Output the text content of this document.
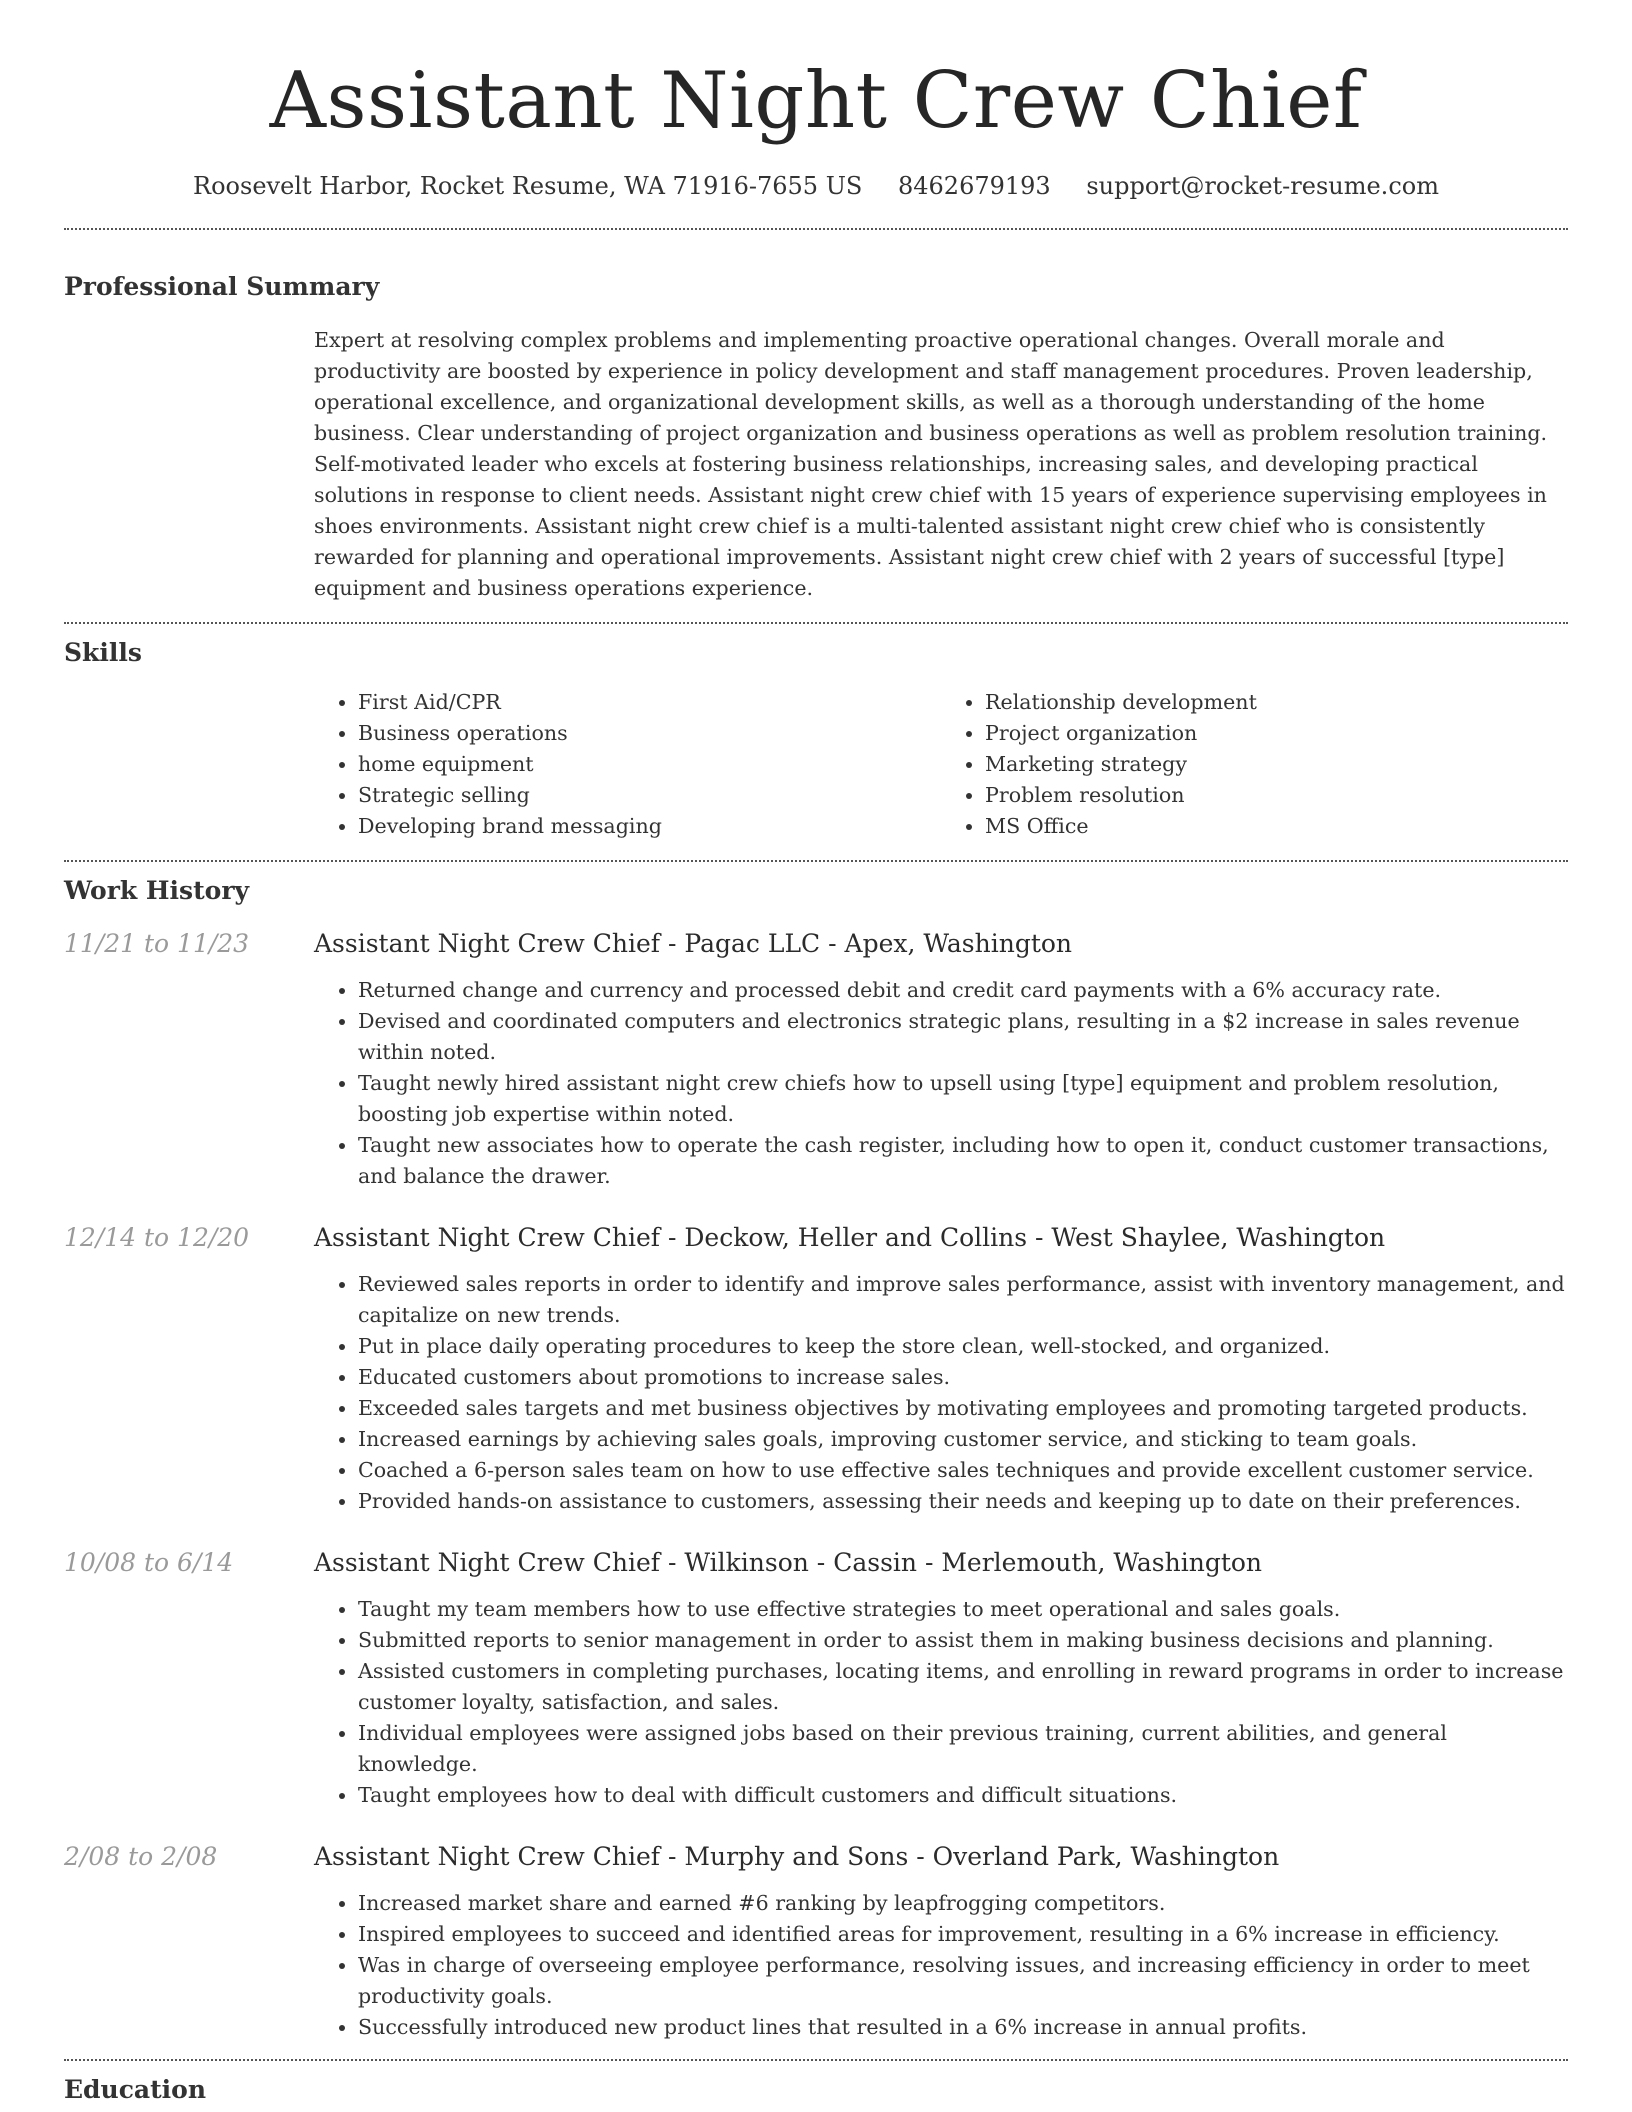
Assistant Night Crew Chief
Roosevelt Harbor, Rocket Resume, WA 71916-7655 US 8462679193 support@rocket-resume.com
Professional Summary
Expert at resolving complex problems and implementing proactive operational changes. Overall morale and productivity are boosted by experience in policy development and staff management procedures. Proven leadership, operational excellence, and organizational development skills, as well as a thorough understanding of the home business. Clear understanding of project organization and business operations as well as problem resolution training. Self-motivated leader who excels at fostering business relationships, increasing sales, and developing practical solutions in response to client needs. Assistant night crew chief with 15 years of experience supervising employees in shoes environments. Assistant night crew chief is a multi-talented assistant night crew chief who is consistently rewarded for planning and operational improvements. Assistant night crew chief with 2 years of successful [type] equipment and business operations experience.
Skills
• First Aid/CPR
• Business operations
• home equipment
• Strategic selling
• Developing brand messaging
• Relationship development
• Project organization
• Marketing strategy
• Problem resolution
• MS Office
Work History
11/21 to 11/23	Assistant Night Crew Chief - Pagac LLC - Apex, Washington
• Returned change and currency and processed debit and credit card payments with a 6% accuracy rate.
• Devised and coordinated computers and electronics strategic plans, resulting in a $2 increase in sales revenue within noted.
• Taught newly hired assistant night crew chiefs how to upsell using [type] equipment and problem resolution, boosting job expertise within noted.
• Taught new associates how to operate the cash register, including how to open it, conduct customer transactions, and balance the drawer.
12/14 to 12/20	Assistant Night Crew Chief - Deckow, Heller and Collins - West Shaylee, Washington
• Reviewed sales reports in order to identify and improve sales performance, assist with inventory management, and capitalize on new trends.
• Put in place daily operating procedures to keep the store clean, well-stocked, and organized.
• Educated customers about promotions to increase sales.
• Exceeded sales targets and met business objectives by motivating employees and promoting targeted products.
• Increased earnings by achieving sales goals, improving customer service, and sticking to team goals.
• Coached a 6-person sales team on how to use effective sales techniques and provide excellent customer service.
• Provided hands-on assistance to customers, assessing their needs and keeping up to date on their preferences.
10/08 to 6/14	Assistant Night Crew Chief - Wilkinson - Cassin - Merlemouth, Washington
• Taught my team members how to use effective strategies to meet operational and sales goals.
• Submitted reports to senior management in order to assist them in making business decisions and planning.
• Assisted customers in completing purchases, locating items, and enrolling in reward programs in order to increase customer loyalty, satisfaction, and sales.
• Individual employees were assigned jobs based on their previous training, current abilities, and general knowledge.
• Taught employees how to deal with difficult customers and difficult situations.
2/08 to 2/08	Assistant Night Crew Chief - Murphy and Sons - Overland Park, Washington
• Increased market share and earned #6 ranking by leapfrogging competitors.
• Inspired employees to succeed and identified areas for improvement, resulting in a 6% increase in efficiency.
• Was in charge of overseeing employee performance, resolving issues, and increasing efficiency in order to meet productivity goals.
• Successfully introduced new product lines that resulted in a 6% increase in annual profits.
Education
